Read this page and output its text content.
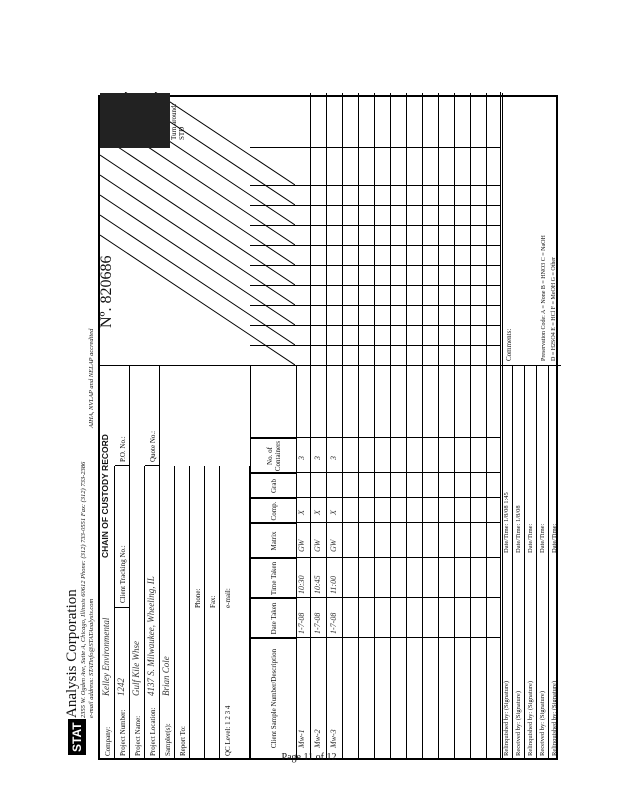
STAT
Analysis Corporation 2355 W. Ogden Ave, Suite A, Chicago, Illinois 60612 Phone: (312) 733-0551 Fax: (312) 733-2386 e-mail address: STATinfo@STATAnalysis.com
AIHA, NVLAP and NELAP accredited
CHAIN OF CUSTODY RECORD
Nº. 820686
Company:
Kelley Environmental
Project Number:
1242
Project Name:
Gulf Kile Whse
Project Location:
4137 S. Milwaukee, Wheeling, IL
Sampler(s):
Brian Cole
Report To:
Phone: Fax:
QC Level: 1 2 3 4
e-mail:
Client Tracking No.:
P.O. No.:	Quote No.:
Client Sample Number/Description
Date Taken
Time Taken
Matrix
Comp.
Grab
No. of Containers
Mw-1
1-7-08
10:30
GW
X
3
Mw-2
1-7-08
10:45
GW
X
3
Mw-3
1-7-08
11:00
GW
X
3
Turn around: STD
Comments:	Preservation Code: A = None B = HNO3 C = NaOH D = H2SO4 E = HCl F = MeOH G = Other
Relinquished by: (Signature)
Date/Time: 1/8/08 1:45
Received by: (Signature)
Date/Time: 1/8/08
Relinquished by: (Signature)
Date/Time:
Received by: (Signature)
Date/Time:
Relinquished by: (Signature)
Date/Time:
Page 11 of 12
